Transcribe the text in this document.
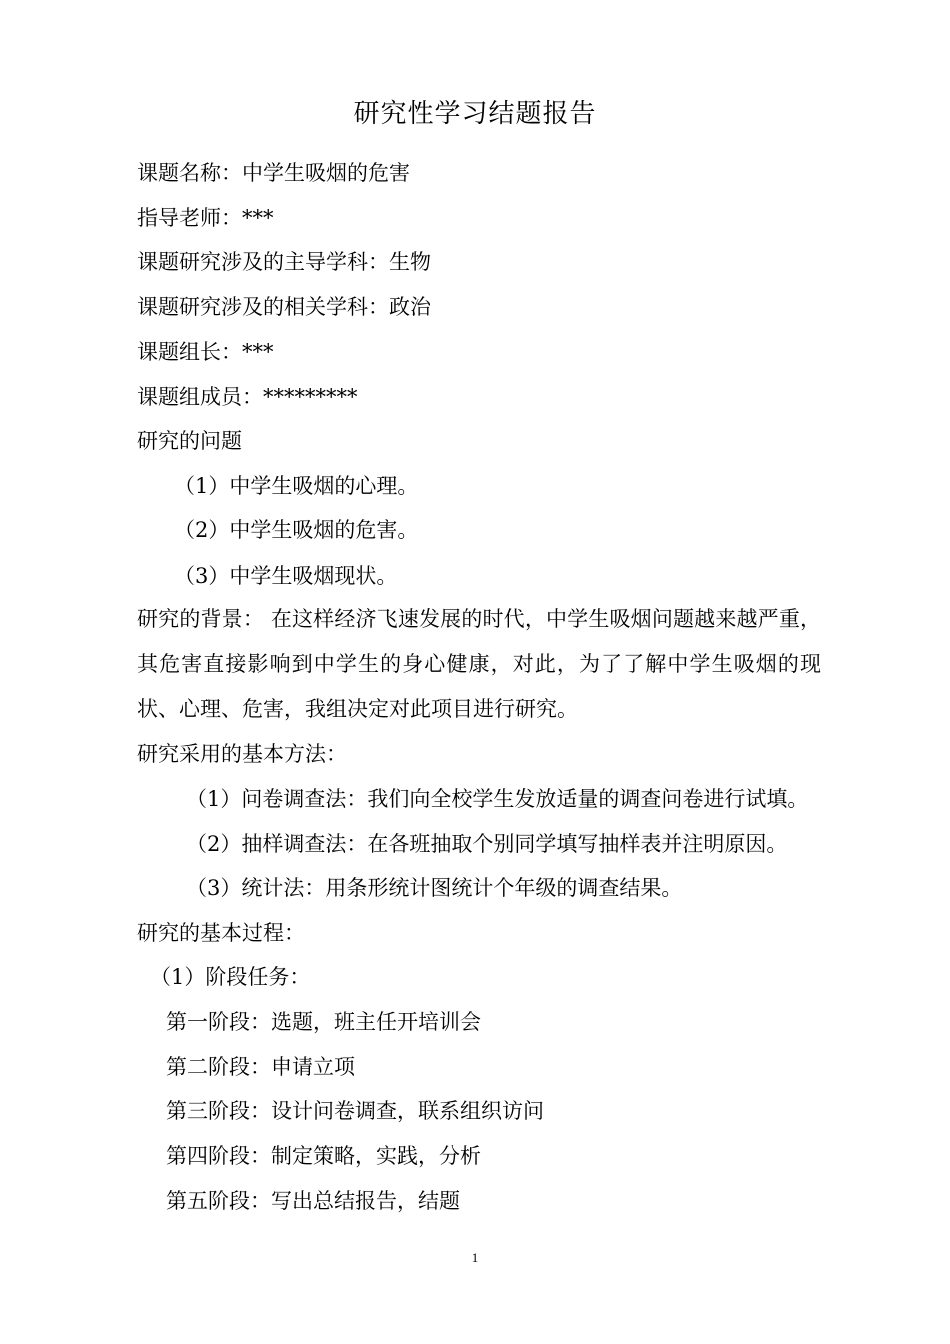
研究性学习结题报告
课题名称：中学生吸烟的危害
指导老师：***
课题研究涉及的主导学科：生物
课题研究涉及的相关学科：政治
课题组长：***
课题组成员：*********
研究的问题
（1）中学生吸烟的心理。
（2）中学生吸烟的危害。
（3）中学生吸烟现状。
研究的背景： 在这样经济飞速发展的时代，中学生吸烟问题越来越严重，其危害直接影响到中学生的身心健康，对此，为了了解中学生吸烟的现状、心理、危害，我组决定对此项目进行研究。
研究采用的基本方法：
（1）问卷调查法：我们向全校学生发放适量的调查问卷进行试填。
（2）抽样调查法：在各班抽取个别同学填写抽样表并注明原因。
（3）统计法：用条形统计图统计个年级的调查结果。
研究的基本过程：
（1）阶段任务：
第一阶段：选题，班主任开培训会
第二阶段：申请立项
第三阶段：设计问卷调查，联系组织访问
第四阶段：制定策略，实践，分析
第五阶段：写出总结报告，结题
1
